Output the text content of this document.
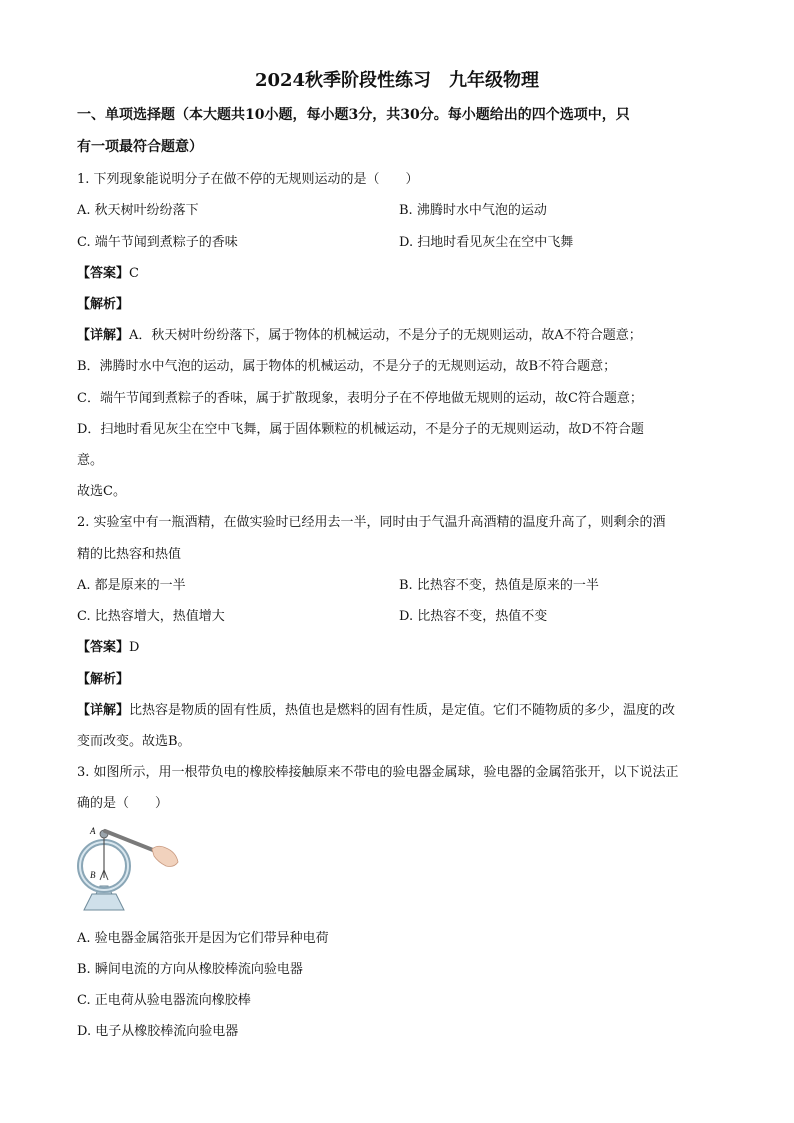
2024秋季阶段性练习　九年级物理
一、单项选择题（本大题共10小题，每小题3分，共30分。每小题给出的四个选项中，只
有一项最符合题意）
1. 下列现象能说明分子在做不停的无规则运动的是（　　）
A. 秋天树叶纷纷落下	B. 沸腾时水中气泡的运动
C. 端午节闻到煮粽子的香味	D. 扫地时看见灰尘在空中飞舞
【答案】C
【解析】
【详解】A．秋天树叶纷纷落下，属于物体的机械运动，不是分子的无规则运动，故A不符合题意；
B．沸腾时水中气泡的运动，属于物体的机械运动，不是分子的无规则运动，故B不符合题意；
C．端午节闻到煮粽子的香味，属于扩散现象，表明分子在不停地做无规则的运动，故C符合题意；
D．扫地时看见灰尘在空中飞舞，属于固体颗粒的机械运动，不是分子的无规则运动，故D不符合题
意。
故选C。
2. 实验室中有一瓶酒精，在做实验时已经用去一半，同时由于气温升高酒精的温度升高了，则剩余的酒
精的比热容和热值
A. 都是原来的一半	B. 比热容不变，热值是原来的一半
C. 比热容增大，热值增大	D. 比热容不变，热值不变
【答案】D
【解析】
【详解】比热容是物质的固有性质，热值也是燃料的固有性质，是定值。它们不随物质的多少，温度的改
变而改变。故选B。
3. 如图所示，用一根带负电的橡胶棒接触原来不带电的验电器金属球，验电器的金属箔张开，以下说法正
确的是（　　）
A
B
A. 验电器金属箔张开是因为它们带异种电荷
B. 瞬间电流的方向从橡胶棒流向验电器
C. 正电荷从验电器流向橡胶棒
D. 电子从橡胶棒流向验电器
